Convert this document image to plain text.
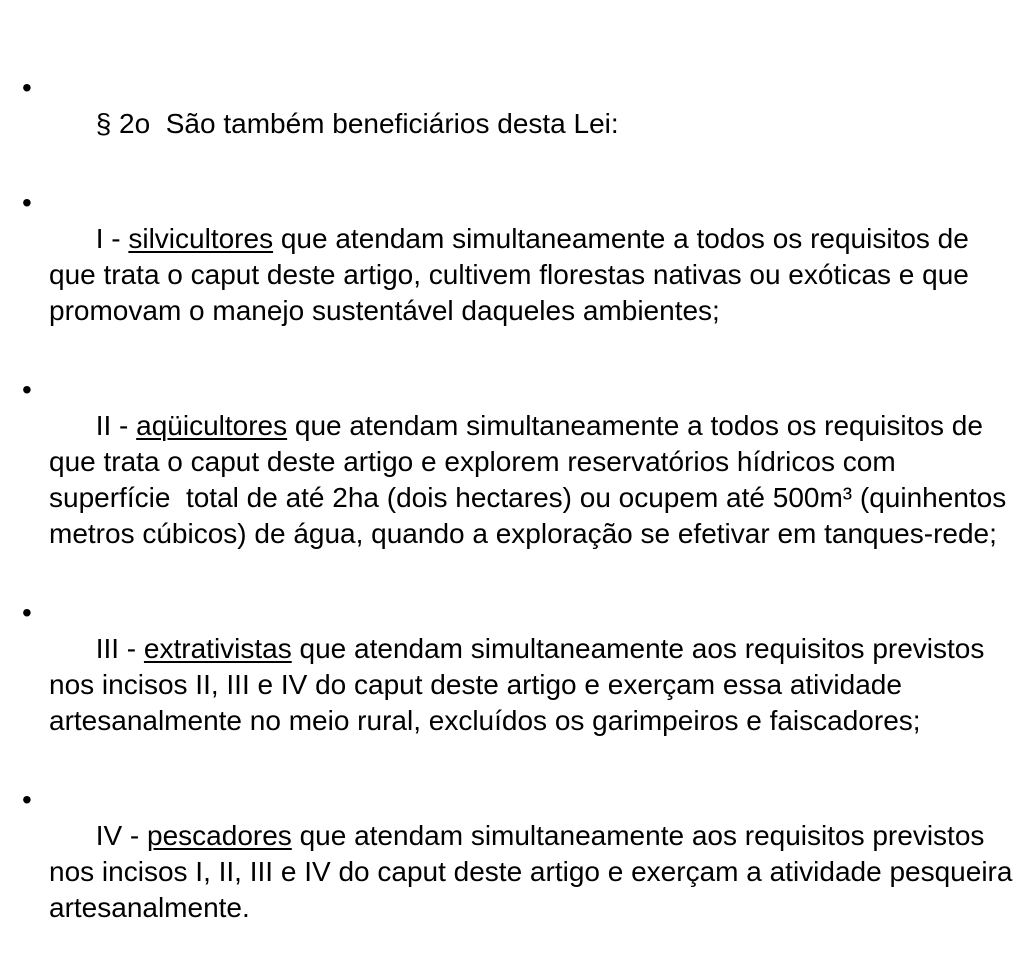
•
§ 2o  São também beneficiários desta Lei:

•
I - silvicultores que atendam simultaneamente a todos os requisitos de que trata o caput deste artigo, cultivem florestas nativas ou exóticas e que promovam o manejo sustentável daqueles ambientes;

•
II - aqüicultores que atendam simultaneamente a todos os requisitos de que trata o caput deste artigo e explorem reservatórios hídricos com superfície  total de até 2ha (dois hectares) ou ocupem até 500m³ (quinhentos metros cúbicos) de água, quando a exploração se efetivar em tanques-rede;

•
III - extrativistas que atendam simultaneamente aos requisitos previstos nos incisos II, III e IV do caput deste artigo e exerçam essa atividade artesanalmente no meio rural, excluídos os garimpeiros e faiscadores;

•
IV - pescadores que atendam simultaneamente aos requisitos previstos nos incisos I, II, III e IV do caput deste artigo e exerçam a atividade pesqueira artesanalmente.
